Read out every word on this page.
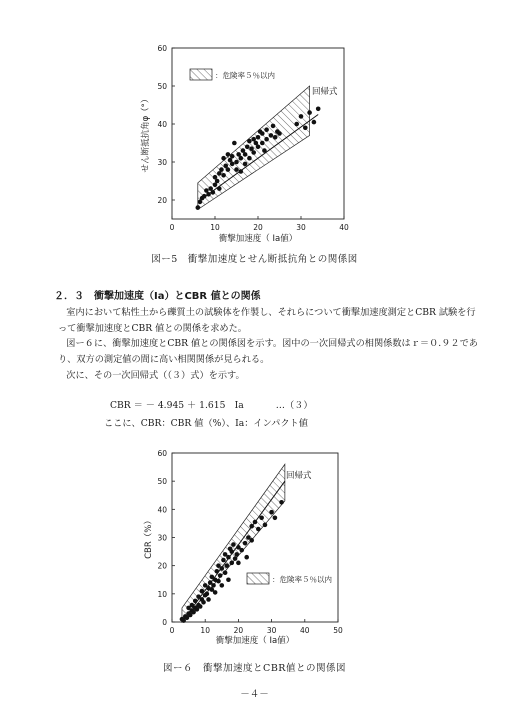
0	10	20	30	40
20
30
40
50
60
衝撃加速度（ Ia値）
せん断抵抗角φ（°）
回帰式
：危険率５％以内
図ー5　衝撃加速度とせん断抵抗角との関係図
２．３　衝撃加速度（Ia）とCBR 値との関係

室内において粘性土から礫質土の試験体を作製し、それらについて衝撃加速度測定とCBR 試験を行って衝撃加速度とCBR 値との関係を求めた。

図ー６に、衝撃加速度とCBR 値との関係図を示す。図中の一次回帰式の相関係数はｒ＝０.９２であり、双方の測定値の間に高い相関関係が見られる。

次に、その一次回帰式（（３）式）を示す。

CBR ＝ － 4.945 ＋ 1.615　Ia	…（３）
ここに、CBR：CBR 値（%）、Ia：インパクト値
0	10	20	30	40	50
0
10
20
30
40
50
60
衝撃加速度（ Ia値）
CBR（%）
回帰式
：危険率５％以内
図ー６　衝撃加速度とCBR値との関係図
－４－
